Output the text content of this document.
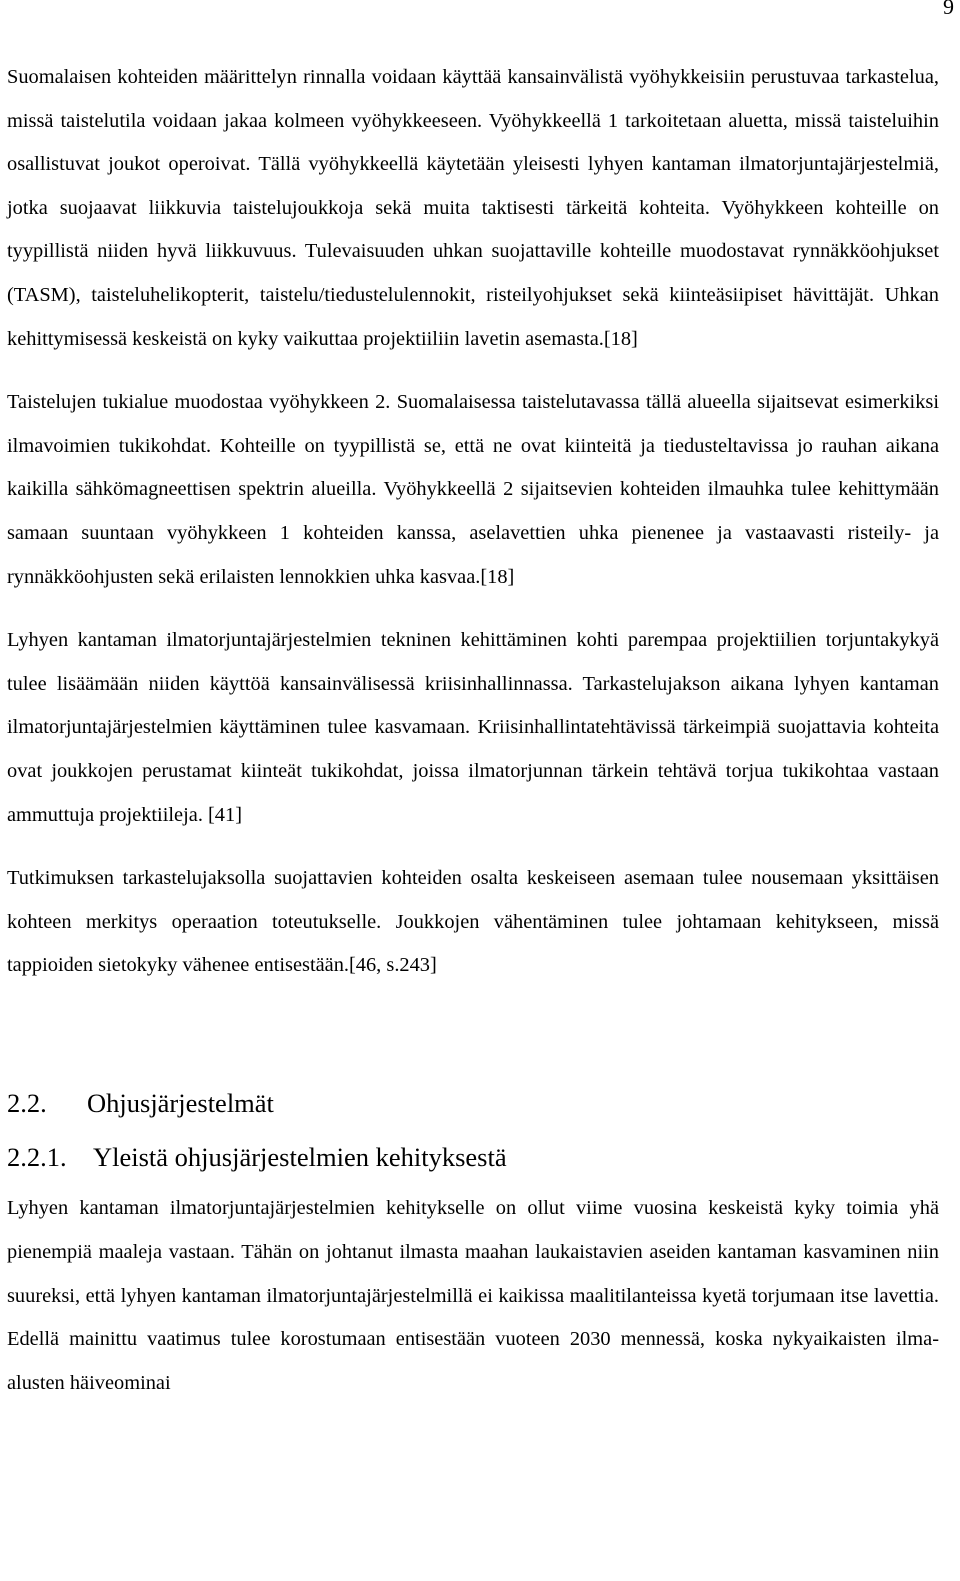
9

Suomalaisen kohteiden määrittelyn rinnalla voidaan käyttää kansainvälistä vyöhykkeisiin perustuvaa tarkastelua, missä taistelutila voidaan jakaa kolmeen vyöhykkeeseen. Vyöhykkeellä 1 tarkoitetaan aluetta, missä taisteluihin osallistuvat joukot operoivat. Tällä vyöhykkeellä käytetään yleisesti lyhyen kantaman ilmatorjuntajärjestelmiä, jotka suojaavat liikkuvia taistelujoukkoja sekä muita taktisesti tärkeitä kohteita. Vyöhykkeen kohteille on tyypillistä niiden hyvä liikkuvuus. Tulevaisuuden uhkan suojattaville kohteille muodostavat rynnäkköohjukset (TASM), taisteluhelikopterit, taistelu/tiedustelulennokit, risteilyohjukset sekä kiinteäsiipiset hävittäjät. Uhkan kehittymisessä keskeistä on kyky vaikuttaa projektiiliin lavetin asemasta.[18]

Taistelujen tukialue muodostaa vyöhykkeen 2. Suomalaisessa taistelutavassa tällä alueella sijaitsevat esimerkiksi ilmavoimien tukikohdat. Kohteille on tyypillistä se, että ne ovat kiinteitä ja tiedusteltavissa jo rauhan aikana kaikilla sähkömagneettisen spektrin alueilla. Vyöhykkeellä 2 sijaitsevien kohteiden ilmauhka tulee kehittymään samaan suuntaan vyöhykkeen 1 kohteiden kanssa, aselavettien uhka pienenee ja vastaavasti risteily- ja rynnäkköohjusten sekä erilaisten lennokkien uhka kasvaa.[18]

Lyhyen kantaman ilmatorjuntajärjestelmien tekninen kehittäminen kohti parempaa projektiilien torjuntakykyä tulee lisäämään niiden käyttöä kansainvälisessä kriisinhallinnassa. Tarkastelujakson aikana lyhyen kantaman ilmatorjuntajärjestelmien käyttäminen tulee kasvamaan. Kriisinhallintatehtävissä tärkeimpiä suojattavia kohteita ovat joukkojen perustamat kiinteät tukikohdat, joissa ilmatorjunnan tärkein tehtävä torjua tukikohtaa vastaan ammuttuja projektiileja. [41]

Tutkimuksen tarkastelujaksolla suojattavien kohteiden osalta keskeiseen asemaan tulee nousemaan yksittäisen kohteen merkitys operaation toteutukselle. Joukkojen vähentäminen tulee johtamaan kehitykseen, missä tappioiden sietokyky vähenee entisestään.[46, s.243]

2.2.	Ohjusjärjestelmät
2.2.1. Yleistä ohjusjärjestelmien kehityksestä

Lyhyen kantaman ilmatorjuntajärjestelmien kehitykselle on ollut viime vuosina keskeistä kyky toimia yhä pienempiä maaleja vastaan. Tähän on johtanut ilmasta maahan laukaistavien aseiden kantaman kasvaminen niin suureksi, että lyhyen kantaman ilmatorjuntajärjestelmillä ei kaikissa maalitilanteissa kyetä torjumaan itse lavettia. Edellä mainittu vaatimus tulee korostumaan entisestään vuoteen 2030 mennessä, koska nykyaikaisten ilma-alusten häiveominai
